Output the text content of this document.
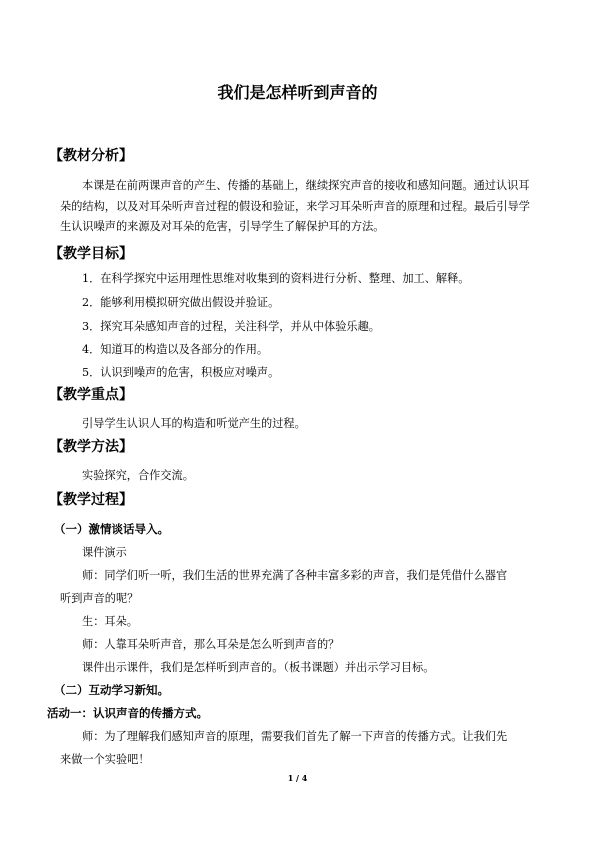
我们是怎样听到声音的
【教材分析】
本课是在前两课声音的产生、传播的基础上，继续探究声音的接收和感知问题。通过认识耳朵的结构，以及对耳朵听声音过程的假设和验证，来学习耳朵听声音的原理和过程。最后引导学生认识噪声的来源及对耳朵的危害，引导学生了解保护耳的方法。
【教学目标】
1．在科学探究中运用理性思维对收集到的资料进行分析、整理、加工、解释。
2．能够利用模拟研究做出假设并验证。
3．探究耳朵感知声音的过程，关注科学，并从中体验乐趣。
4．知道耳的构造以及各部分的作用。
5．认识到噪声的危害，积极应对噪声。
【教学重点】
引导学生认识人耳的构造和听觉产生的过程。
【教学方法】
实验探究，合作交流。
【教学过程】
（一）激情谈话导入。
课件演示
师：同学们听一听，我们生活的世界充满了各种丰富多彩的声音，我们是凭借什么器官
听到声音的呢？
生：耳朵。
师：人靠耳朵听声音，那么耳朵是怎么听到声音的？
课件出示课件，我们是怎样听到声音的。（板书课题）并出示学习目标。
（二）互动学习新知。
活动一：认识声音的传播方式。
师：为了理解我们感知声音的原理，需要我们首先了解一下声音的传播方式。让我们先
来做一个实验吧！
1 / 4
